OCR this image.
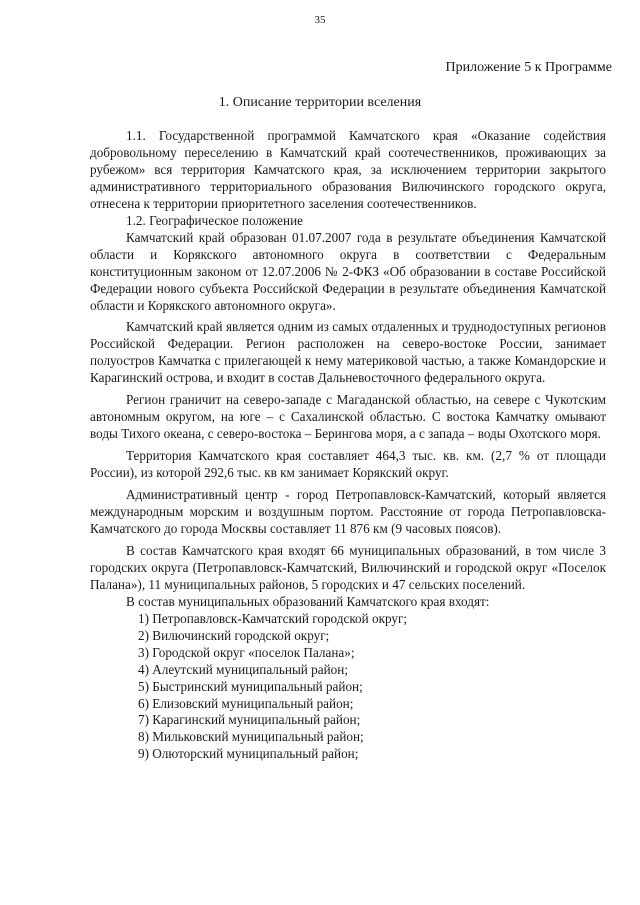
35
Приложение 5 к Программе
1. Описание территории вселения

1.1. Государственной программой Камчатского края «Оказание содействия добровольному переселению в Камчатский край соотечественников, проживающих за рубежом» вся территория Камчатского края, за исключением территории закрытого административного территориального образования Вилючинского городского округа, отнесена к территории приоритетного заселения соотечественников.

1.2. Географическое положение

Камчатский край образован 01.07.2007 года в результате объединения Камчатской области и Корякского автономного округа в соответствии с Федеральным конституционным законом от 12.07.2006 № 2-ФКЗ «Об образовании в составе Российской Федерации нового субъекта Российской Федерации в результате объединения Камчатской области и Корякского автономного округа».

Камчатский край является одним из самых отдаленных и труднодоступных регионов Российской Федерации. Регион расположен на северо-востоке России, занимает полуостров Камчатка с прилегающей к нему материковой частью, а также Командорские и Карагинский острова, и входит в состав Дальневосточного федерального округа.

Регион граничит на северо-западе с Магаданской областью, на севере с Чукотским автономным округом, на юге – с Сахалинской областью. С востока Камчатку омывают воды Тихого океана, с северо-востока – Берингова моря, а с запада – воды Охотского моря.

Территория Камчатского края составляет 464,3 тыс. кв. км. (2,7 % от площади России), из которой 292,6 тыс. кв км занимает Корякский округ.

Административный центр - город Петропавловск-Камчатский, который является международным морским и воздушным портом. Расстояние от города Петропавловска-Камчатского до города Москвы составляет 11 876 км (9 часовых поясов).

В состав Камчатского края входят 66 муниципальных образований, в том числе 3 городских округа (Петропавловск-Камчатский, Вилючинский и городской округ «Поселок Палана»), 11 муниципальных районов, 5 городских и 47 сельских поселений.

В состав муниципальных образований Камчатского края входят:

1) Петропавловск-Камчатский городской округ;
2) Вилючинский городской округ;
3) Городской округ «поселок Палана»;
4) Алеутский муниципальный район;
5) Быстринский муниципальный район;
6) Елизовский муниципальный район;
7) Карагинский муниципальный район;
8) Мильковский муниципальный район;
9) Олюторский муниципальный район;
